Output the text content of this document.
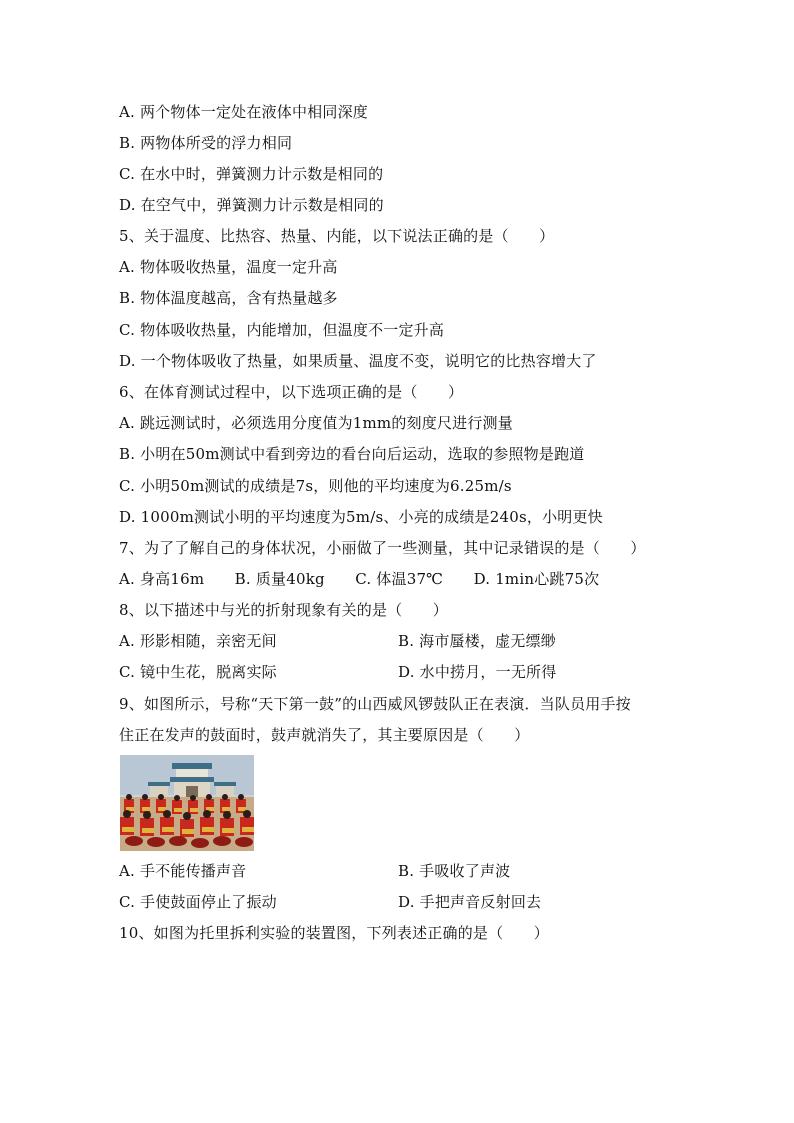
A. 两个物体一定处在液体中相同深度
B. 两物体所受的浮力相同
C. 在水中时，弹簧测力计示数是相同的
D. 在空气中，弹簧测力计示数是相同的
5、关于温度、比热容、热量、内能，以下说法正确的是（　　）
A. 物体吸收热量，温度一定升高
B. 物体温度越高，含有热量越多
C. 物体吸收热量，内能增加，但温度不一定升高
D. 一个物体吸收了热量，如果质量、温度不变，说明它的比热容增大了
6、在体育测试过程中，以下选项正确的是（　　）
A. 跳远测试时，必须选用分度值为1mm的刻度尺进行测量
B. 小明在50m测试中看到旁边的看台向后运动，选取的参照物是跑道
C. 小明50m测试的成绩是7s，则他的平均速度为6.25m/s
D. 1000m测试小明的平均速度为5m/s、小亮的成绩是240s，小明更快
7、为了了解自己的身体状况，小丽做了一些测量，其中记录错误的是（　　）
A. 身高16m　　B. 质量40kg　　C. 体温37℃　　D. 1min心跳75次
8、以下描述中与光的折射现象有关的是（　　）
A. 形影相随，亲密无间	B. 海市蜃楼，虚无缥缈
C. 镜中生花，脱离实际	D. 水中捞月，一无所得
9、如图所示，号称“天下第一鼓”的山西威风锣鼓队正在表演．当队员用手按
住正在发声的鼓面时，鼓声就消失了，其主要原因是（　　）
A. 手不能传播声音	B. 手吸收了声波
C. 手使鼓面停止了振动	D. 手把声音反射回去
10、如图为托里拆利实验的装置图，下列表述正确的是（　　）
